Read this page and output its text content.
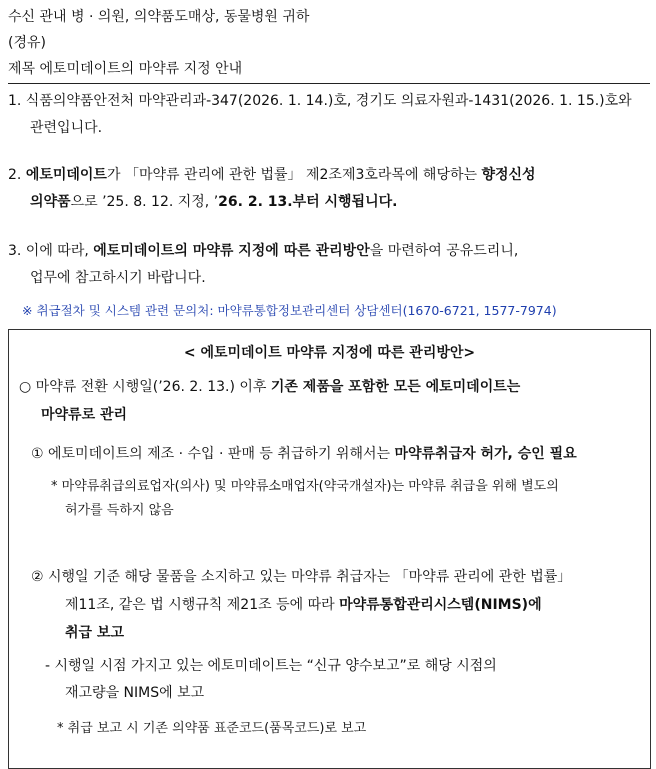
수신 관내 병 · 의원, 의약품도매상, 동물병원 귀하
(경유)
제목 에토미데이트의 마약류 지정 안내
1. 식품의약품안전처 마약관리과-347(2026. 1. 14.)호, 경기도 의료자원과-1431(2026. 1. 15.)호와
관련입니다.
2. 에토미데이트가 「마약류 관리에 관한 법률」 제2조제3호라목에 해당하는 향정신성
의약품으로 ’25. 8. 12. 지정, ’26. 2. 13.부터 시행됩니다.
3. 이에 따라, 에토미데이트의 마약류 지정에 따른 관리방안을 마련하여 공유드리니,
업무에 참고하시기 바랍니다.
※ 취급절차 및 시스템 관련 문의처: 마약류통합정보관리센터 상담센터(1670-6721, 1577-7974)
< 에토미데이트 마약류 지정에 따른 관리방안>
○ 마약류 전환 시행일(’26. 2. 13.) 이후 기존 제품을 포함한 모든 에토미데이트는
마약류로 관리
① 에토미데이트의 제조 · 수입 · 판매 등 취급하기 위해서는 마약류취급자 허가, 승인 필요
* 마약류취급의료업자(의사) 및 마약류소매업자(약국개설자)는 마약류 취급을 위해 별도의
허가를 득하지 않음
② 시행일 기준 해당 물품을 소지하고 있는 마약류 취급자는 「마약류 관리에 관한 법률」
제11조, 같은 법 시행규칙 제21조 등에 따라 마약류통합관리시스템(NIMS)에
취급 보고
- 시행일 시점 가지고 있는 에토미데이트는 “신규 양수보고”로 해당 시점의
재고량을 NIMS에 보고
* 취급 보고 시 기존 의약품 표준코드(품목코드)로 보고
